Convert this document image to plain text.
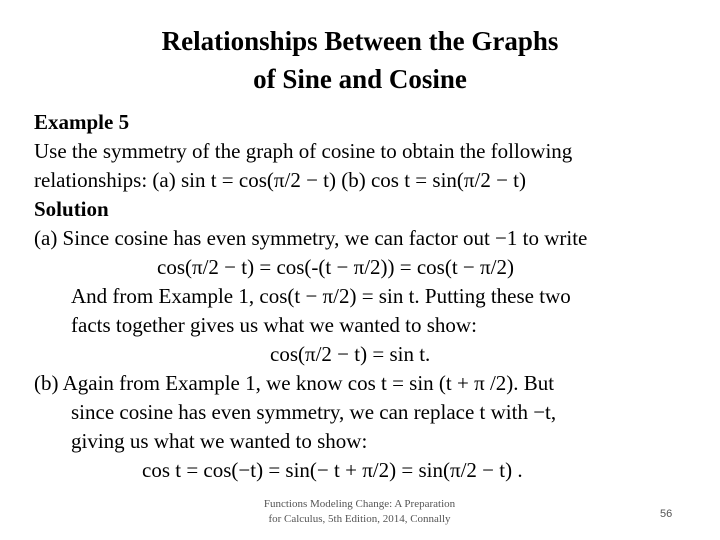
Relationships Between the Graphs
of Sine and Cosine
Example 5
Use the symmetry of the graph of cosine to obtain the following
relationships: (a) sin t = cos(π/2 − t) (b) cos t = sin(π/2 − t)
Solution
(a) Since cosine has even symmetry, we can factor out −1 to write
cos(π/2 − t) = cos(-(t − π/2)) = cos(t − π/2)
And from Example 1, cos(t − π/2) = sin t. Putting these two
facts together gives us what we wanted to show:
cos(π/2 − t) = sin t.
(b) Again from Example 1, we know cos t = sin (t + π /2). But
since cosine has even symmetry, we can replace t with −t,
giving us what we wanted to show:
cos t = cos(−t) = sin(− t + π/2) = sin(π/2 − t) .
Functions Modeling Change: A Preparation
for Calculus, 5th Edition, 2014, Connally	56
